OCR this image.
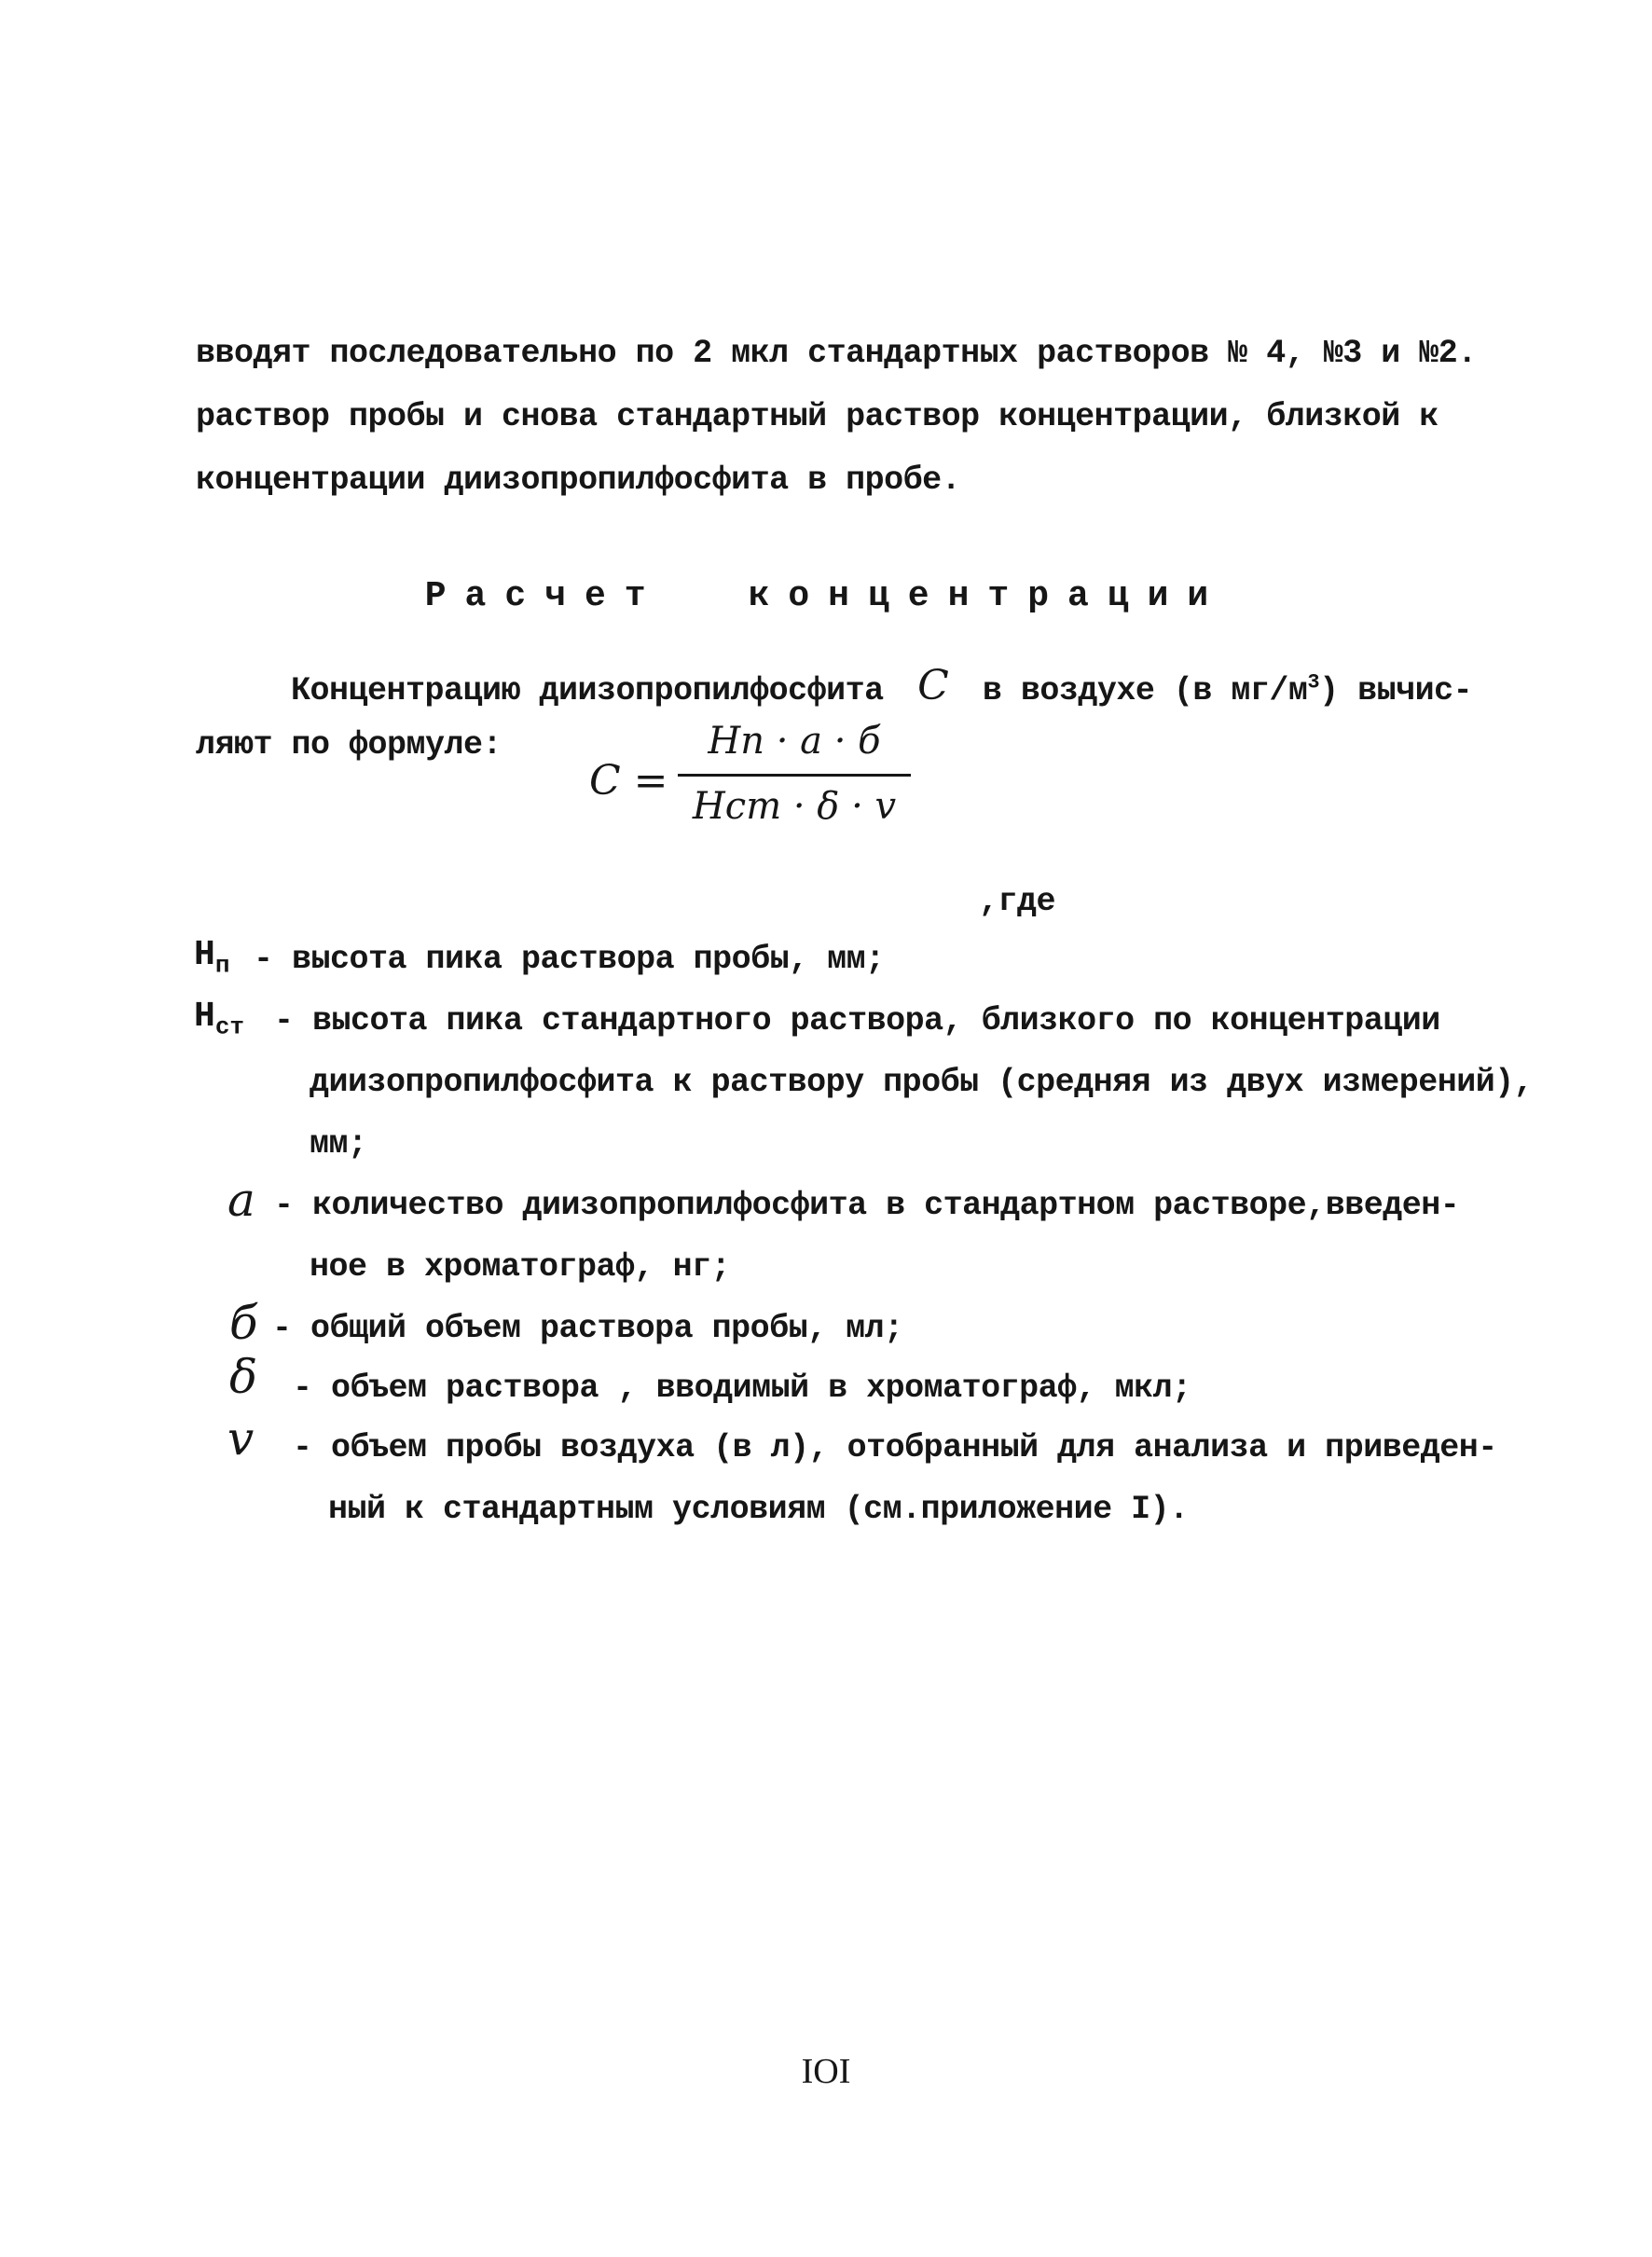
вводят последовательно по 2 мкл стандартных растворов № 4, №3 и №2.
раствор пробы и снова стандартный раствор концентрации, близкой к
концентрации диизопропилфосфита в пробе.
Расчет концентрации
Концентрацию диизопропилфосфита C в воздухе (в $мг/м^3$) вычис-
ляют по формуле:
C =
Hп · a · б
Hст · δ · v
,где
$H_п$ - высота пика раствора пробы, мм;
$H_{ст}$ - высота пика стандартного раствора, близкого по концентрации
диизопропилфосфита к раствору пробы (средняя из двух измерений),
мм;
a - количество диизопропилфосфита в стандартном растворе,введен-
ное в хроматограф, нг;
б - общий объем раствора пробы, мл;
δ - объем раствора , вводимый в хроматограф, мкл;
v - объем пробы воздуха (в л), отобранный для анализа и приведен-
ный к стандартным условиям (см.приложение I).
IOI
